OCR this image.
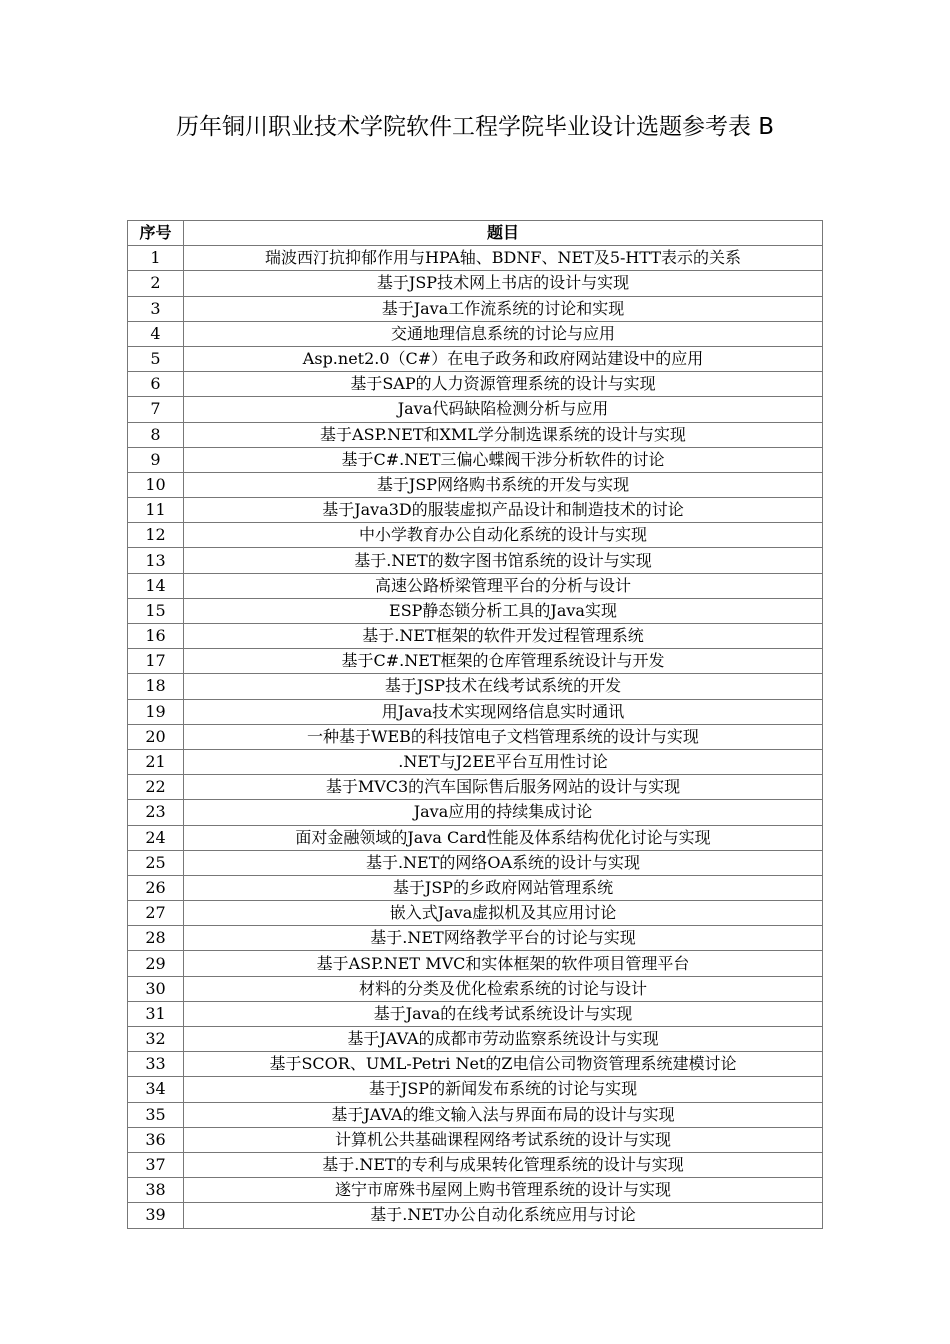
历年铜川职业技术学院软件工程学院毕业设计选题参考表 B
序号	题目
1	瑞波西汀抗抑郁作用与HPA轴、BDNF、NET及5-HTT表示的关系
2	基于JSP技术网上书店的设计与实现
3	基于Java工作流系统的讨论和实现
4	交通地理信息系统的讨论与应用
5	Asp.net2.0（C#）在电子政务和政府网站建设中的应用
6	基于SAP的人力资源管理系统的设计与实现
7	Java代码缺陷检测分析与应用
8	基于ASP.NET和XML学分制选课系统的设计与实现
9	基于C#.NET三偏心蝶阀干涉分析软件的讨论
10	基于JSP网络购书系统的开发与实现
11	基于Java3D的服装虚拟产品设计和制造技术的讨论
12	中小学教育办公自动化系统的设计与实现
13	基于.NET的数字图书馆系统的设计与实现
14	高速公路桥梁管理平台的分析与设计
15	ESP静态锁分析工具的Java实现
16	基于.NET框架的软件开发过程管理系统
17	基于C#.NET框架的仓库管理系统设计与开发
18	基于JSP技术在线考试系统的开发
19	用Java技术实现网络信息实时通讯
20	一种基于WEB的科技馆电子文档管理系统的设计与实现
21	.NET与J2EE平台互用性讨论
22	基于MVC3的汽车国际售后服务网站的设计与实现
23	Java应用的持续集成讨论
24	面对金融领域的Java Card性能及体系结构优化讨论与实现
25	基于.NET的网络OA系统的设计与实现
26	基于JSP的乡政府网站管理系统
27	嵌入式Java虚拟机及其应用讨论
28	基于.NET网络教学平台的讨论与实现
29	基于ASP.NET MVC和实体框架的软件项目管理平台
30	材料的分类及优化检索系统的讨论与设计
31	基于Java的在线考试系统设计与实现
32	基于JAVA的成都市劳动监察系统设计与实现
33	基于SCOR、UML-Petri Net的Z电信公司物资管理系统建模讨论
34	基于JSP的新闻发布系统的讨论与实现
35	基于JAVA的维文输入法与界面布局的设计与实现
36	计算机公共基础课程网络考试系统的设计与实现
37	基于.NET的专利与成果转化管理系统的设计与实现
38	遂宁市席殊书屋网上购书管理系统的设计与实现
39	基于.NET办公自动化系统应用与讨论
